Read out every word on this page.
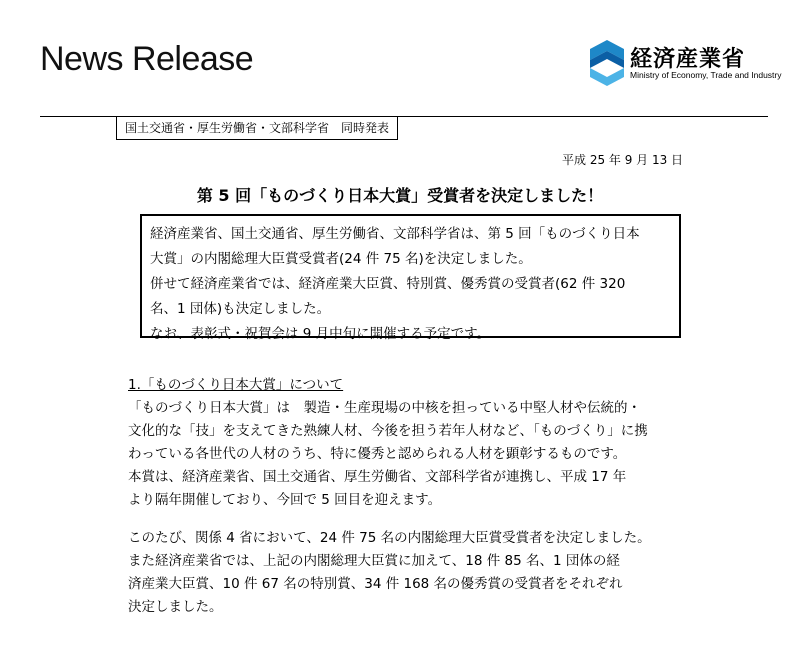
News Release	経済産業省
Ministry of Economy, Trade and Industry
国土交通省・厚生労働省・文部科学省　同時発表
平成 25 年 9 月 13 日
第 5 回「ものづくり日本大賞」受賞者を決定しました！

経済産業省、国土交通省、厚生労働省、文部科学省は、第 5 回「ものづくり日本

大賞」の内閣総理大臣賞受賞者(24 件 75 名)を決定しました。

併せて経済産業省では、経済産業大臣賞、特別賞、優秀賞の受賞者(62 件 320

名、1 団体)も決定しました。

なお、表彰式・祝賀会は 9 月中旬に開催する予定です。

1.「ものづくり日本大賞」について

「ものづくり日本大賞」は　製造・生産現場の中核を担っている中堅人材や伝統的・

文化的な「技」を支えてきた熟練人材、今後を担う若年人材など、「ものづくり」に携

わっている各世代の人材のうち、特に優秀と認められる人材を顕彰するものです。

本賞は、経済産業省、国土交通省、厚生労働省、文部科学省が連携し、平成 17 年

より隔年開催しており、今回で 5 回目を迎えます。

このたび、関係 4 省において、24 件 75 名の内閣総理大臣賞受賞者を決定しました。

また経済産業省では、上記の内閣総理大臣賞に加えて、18 件 85 名、1 団体の経

済産業大臣賞、10 件 67 名の特別賞、34 件 168 名の優秀賞の受賞者をそれぞれ

決定しました。
